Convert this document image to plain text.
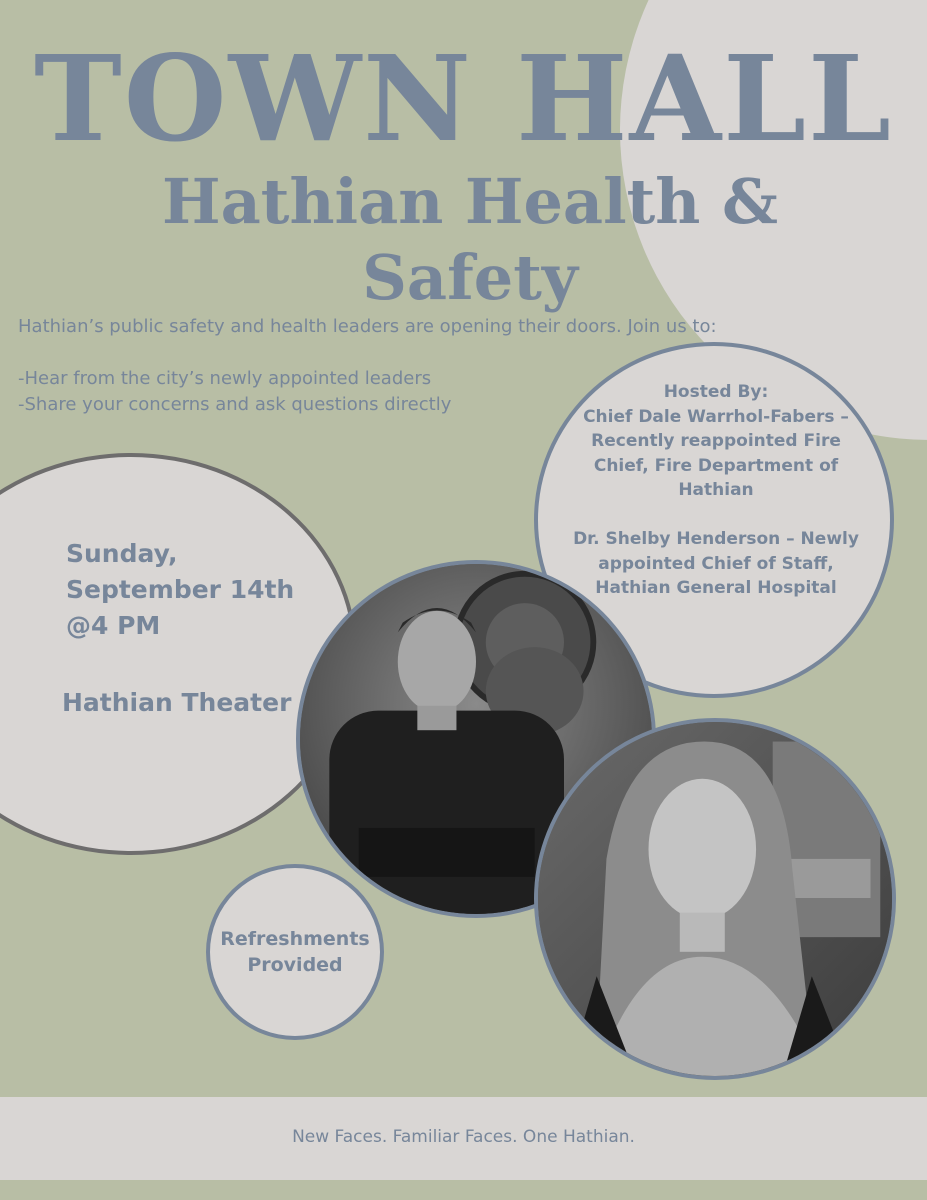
TOWN HALL
Hathian Health & Safety

Hathian’s public safety and health leaders are opening their doors. Join us to:

-Hear from the city’s newly appointed leaders

-Share your concerns and ask questions directly

Sunday,
September 14th
@4 PM
Hathian Theater

Hosted By:

Chief Dale Warrhol-Fabers – Recently reappointed Fire Chief, Fire Department of Hathian

Dr. Shelby Henderson – Newly appointed Chief of Staff, Hathian General Hospital

Refreshments
Provided
New Faces. Familiar Faces. One Hathian.
